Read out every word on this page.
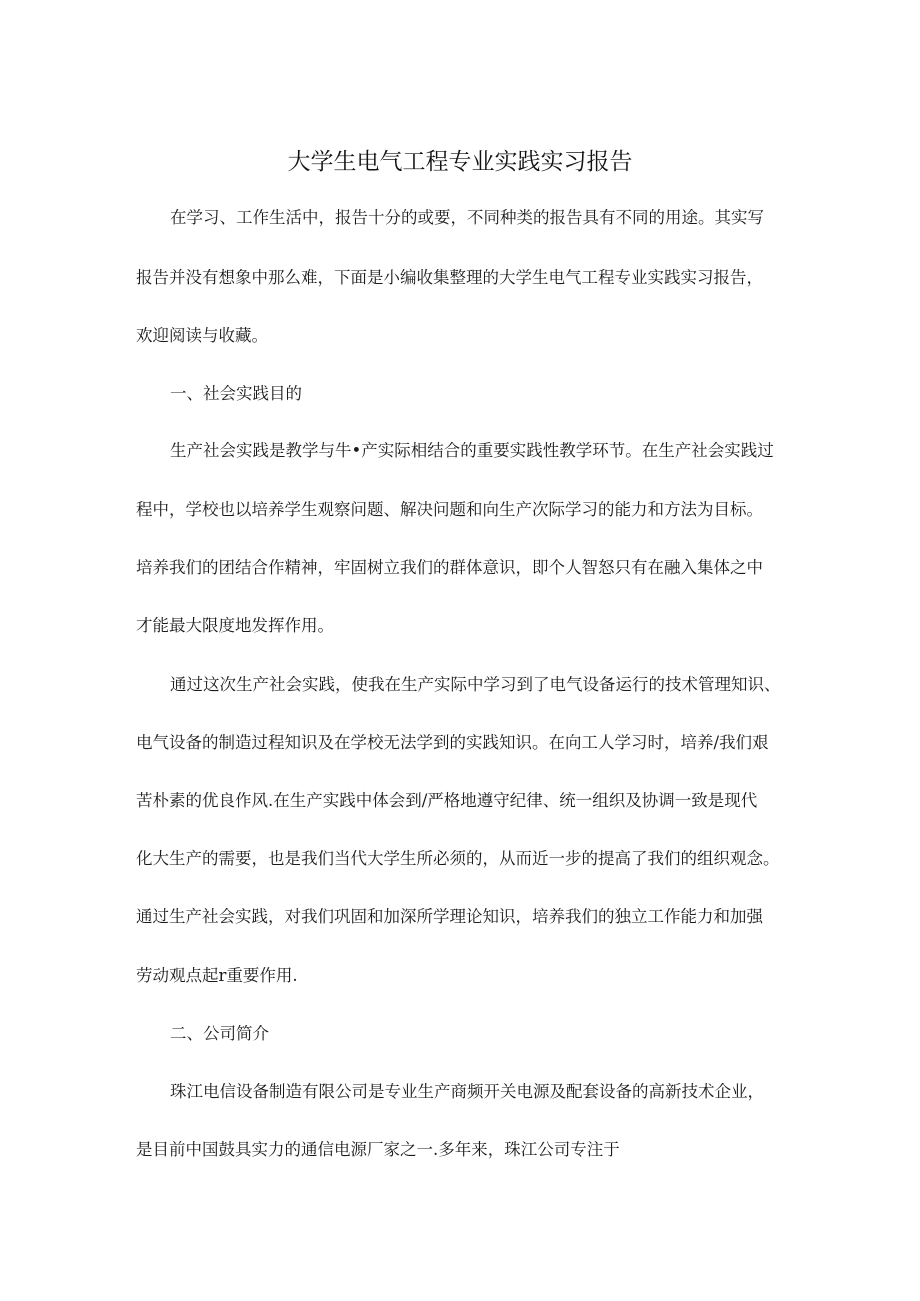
大学生电气工程专业实践实习报告
在学习、工作生活中，报告十分的或要，不同种类的报告具有不同的用途。其实写
报告并没有想象中那么难，下面是小编收集整理的大学生电气工程专业实践实习报告，
欢迎阅读与收藏。
一、社会实践目的
生产社会实践是教学与牛•产实际相结合的重要实践性教学环节。在生产社会实践过
程中，学校也以培养学生观察问题、解决问题和向生产次际学习的能力和方法为目标。
培养我们的团结合作精神，牢固树立我们的群体意识，即个人智怒只有在融入集体之中
才能最大限度地发挥作用。
通过这次生产社会实践，使我在生产实际中学习到了电气设备运行的技术管理知识、
电气设备的制造过程知识及在学校无法学到的实践知识。在向工人学习时，培养/我们艰
苦朴素的优良作风.在生产实践中体会到/严格地遵守纪律、统一组织及协调一致是现代
化大生产的需要，也是我们当代大学生所必须的，从而近一步的提高了我们的组织观念。
通过生产社会实践，对我们巩固和加深所学理论知识，培养我们的独立工作能力和加强
劳动观点起r重要作用.
二、公司简介
珠江电信设备制造有限公司是专业生产商频开关电源及配套设备的高新技术企业，
是目前中国鼓具实力的通信电源厂家之一.多年来，珠江公司专注于
